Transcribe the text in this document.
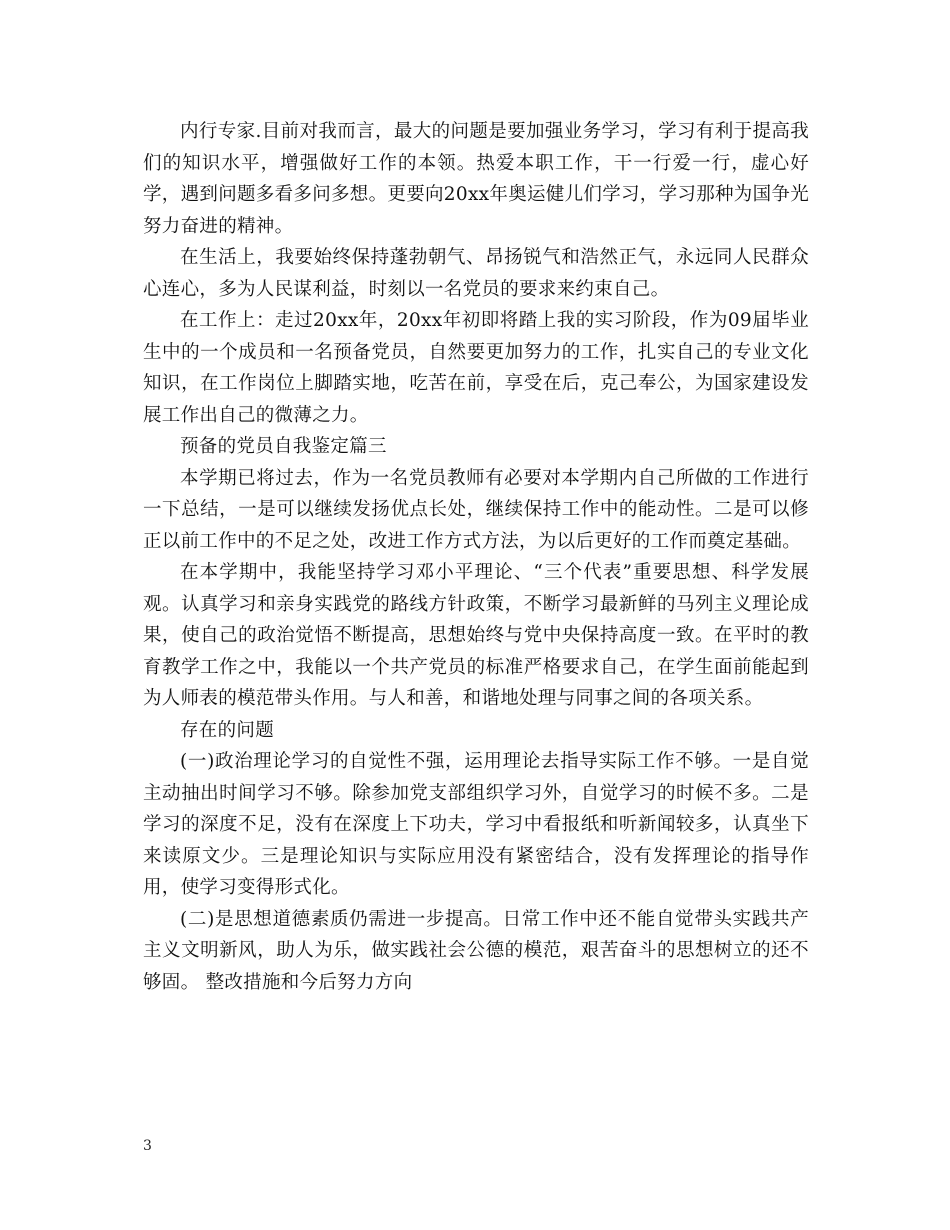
内行专家.目前对我而言，最大的问题是要加强业务学习，学习有利于提高我们的知识水平，增强做好工作的本领。热爱本职工作，干一行爱一行，虚心好学，遇到问题多看多问多想。更要向20xx年奥运健儿们学习，学习那种为国争光努力奋进的精神。

在生活上，我要始终保持蓬勃朝气、昂扬锐气和浩然正气，永远同人民群众心连心，多为人民谋利益，时刻以一名党员的要求来约束自己。

在工作上：走过20xx年，20xx年初即将踏上我的实习阶段，作为09届毕业生中的一个成员和一名预备党员，自然要更加努力的工作，扎实自己的专业文化知识，在工作岗位上脚踏实地，吃苦在前，享受在后，克己奉公，为国家建设发展工作出自己的微薄之力。

预备的党员自我鉴定篇三

本学期已将过去，作为一名党员教师有必要对本学期内自己所做的工作进行一下总结，一是可以继续发扬优点长处，继续保持工作中的能动性。二是可以修正以前工作中的不足之处，改进工作方式方法，为以后更好的工作而奠定基础。

在本学期中，我能坚持学习邓小平理论、“三个代表”重要思想、科学发展观。认真学习和亲身实践党的路线方针政策，不断学习最新鲜的马列主义理论成果，使自己的政治觉悟不断提高，思想始终与党中央保持高度一致。在平时的教育教学工作之中，我能以一个共产党员的标准严格要求自己，在学生面前能起到为人师表的模范带头作用。与人和善，和谐地处理与同事之间的各项关系。

存在的问题

(一)政治理论学习的自觉性不强，运用理论去指导实际工作不够。一是自觉主动抽出时间学习不够。除参加党支部组织学习外，自觉学习的时候不多。二是学习的深度不足，没有在深度上下功夫，学习中看报纸和听新闻较多，认真坐下来读原文少。三是理论知识与实际应用没有紧密结合，没有发挥理论的指导作用，使学习变得形式化。

(二)是思想道德素质仍需进一步提高。日常工作中还不能自觉带头实践共产主义文明新风，助人为乐，做实践社会公德的模范，艰苦奋斗的思想树立的还不够固。 整改措施和今后努力方向

3
